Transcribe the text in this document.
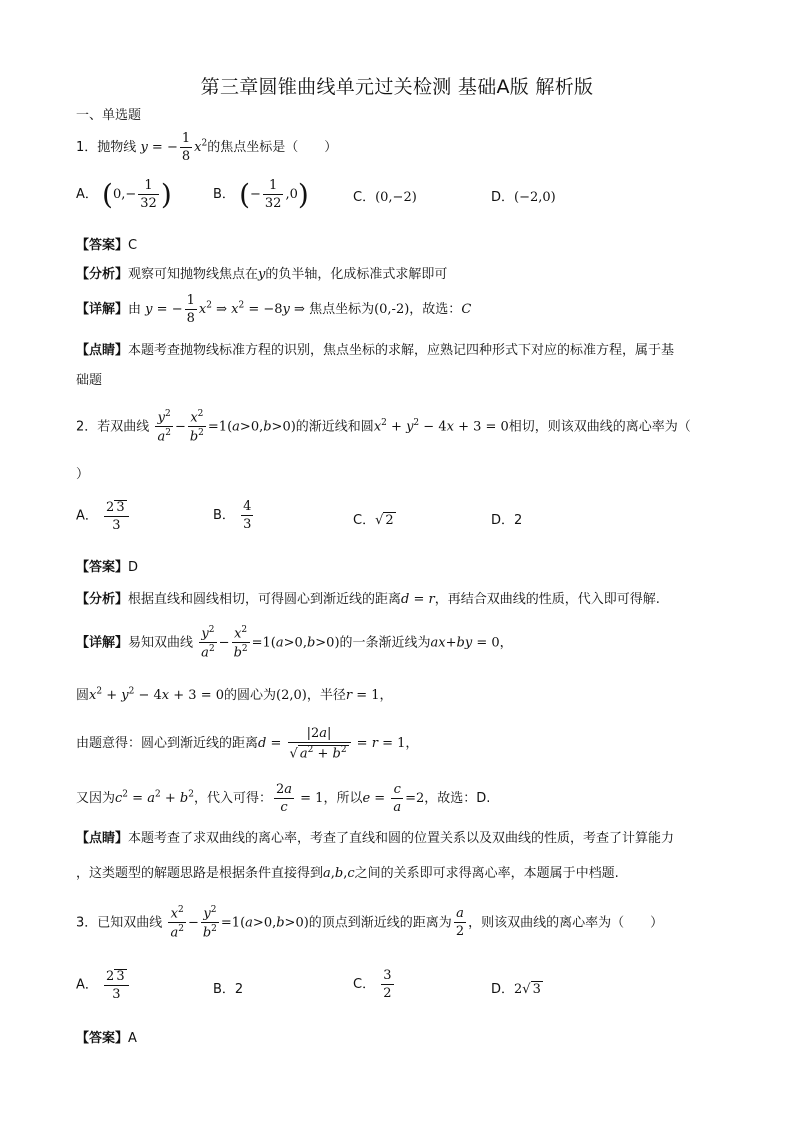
第三章圆锥曲线单元过关检测 基础A版 解析版
一、单选题
1．抛物线 y = − $\frac{1}{8} x^2$的焦点坐标是（　　）
A． ($0,- \frac{1}{32}$ )	B． (− $\frac{1}{32} ,0$)	C．(0,−2)	D．(−2,0)
【答案】C
【分析】观察可知抛物线焦点在y的负半轴，化成标准式求解即可
【详解】由 y = − $\frac{1}{8} x^2$ ⇒ $x^2 = -8y$ ⇒ 焦点坐标为(0,-2)，故选：C
【点睛】本题考查抛物线标准方程的识别，焦点坐标的求解，应熟记四种形式下对应的标准方程，属于基
础题
2．若双曲线 $\frac{y^2}{a^2} - \frac{x^2}{b^2} =1(a>0,b>0)$的渐近线和圆$x^2 + y^2 - 4x + 3 = 0$相切，则该双曲线的离心率为（
）
A． $\frac{2 3}{3}$	B． $\frac{4}{3}$	C．√ 2	D．2
【答案】D
【分析】根据直线和圆线相切，可得圆心到渐近线的距离d = r，再结合双曲线的性质，代入即可得解.
【详解】易知双曲线 $\frac{y^2}{a^2} - \frac{x^2}{b^2} =1(a>0,b>0)$的一条渐近线为ax+by = 0，
圆$x^2 + y^2 - 4x + 3 = 0$的圆心为(2,0)，半径r = 1，
由题意得：圆心到渐近线的距离$d = \frac{|2a|}{√ a^2 + b^2} = r = 1$，
又因为$c^2 = a^2 + b^2$，代入可得： $\frac{2a}{c} = 1$，所以$e = \frac{c}{a} =2$，故选：D.
【点睛】本题考查了求双曲线的离心率，考查了直线和圆的位置关系以及双曲线的性质，考查了计算能力
，这类题型的解题思路是根据条件直接得到a,b,c之间的关系即可求得离心率，本题属于中档题.
3．已知双曲线 $\frac{x^2}{a^2} - \frac{y^2}{b^2} =1(a>0,b>0)$的顶点到渐近线的距离为 $\frac{a}{2}$ ，则该双曲线的离心率为（　　）
A． $\frac{2 3}{3}$	B．2	C． $\frac{3}{2}$	D．2√ 3
【答案】A
